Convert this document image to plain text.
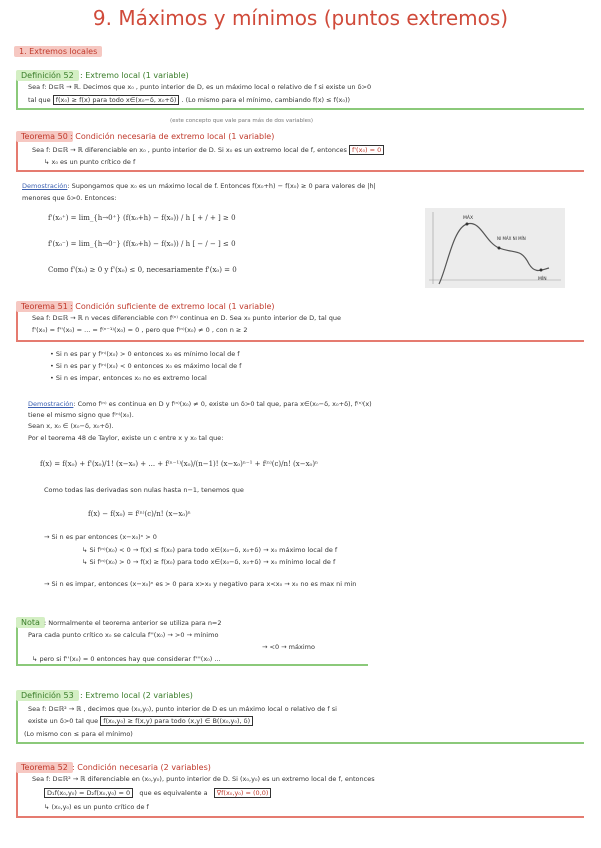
9. Máximos y mínimos (puntos extremos)
1. Extremos locales
Definición 52 : Extremo local (1 variable)
Sea f: D⊆ℝ → ℝ. Decimos que x₀ , punto interior de D, es un máximo local o relativo de f si existe un δ>0
tal que f(x₀) ≥ f(x) para todo x∈(x₀−δ, x₀+δ) . (Lo mismo para el mínimo, cambiando f(x) ≤ f(x₀))
(este concepto que vale para más de dos variables)
Teorema 50 : Condición necesaria de extremo local (1 variable)
Sea f: D⊆ℝ → ℝ diferenciable en x₀ , punto interior de D. Si x₀ es un extremo local de f, entonces f'(x₀) = 0
↳ x₀ es un punto crítico de f
Demostración: Supongamos que x₀ es un máximo local de f. Entonces f(x₀+h) − f(x₀) ≥ 0 para valores de |h|
menores que δ>0. Entonces:
f'(x₀⁺) = lim_{h→0⁺} (f(x₀+h) − f(x₀)) / h [ + / + ] ≥ 0
f'(x₀⁻) = lim_{h→0⁻} (f(x₀+h) − f(x₀)) / h [ − / − ] ≤ 0
Como f'(x₀) ≥ 0 y f'(x₀) ≤ 0, necesariamente f'(x₀) = 0
MÁX
NI MÁX NI MÍN
MÍN
Teorema 51 : Condición suficiente de extremo local (1 variable)
Sea f: D⊆ℝ → ℝ n veces diferenciable con f⁽ⁿ⁾ continua en D. Sea x₀ punto interior de D, tal que
f'(x₀) = f''(x₀) = ... = f⁽ⁿ⁻¹⁾(x₀) = 0 , pero que f⁽ⁿ⁾(x₀) ≠ 0 , con n ≥ 2
• Si n es par y f⁽ⁿ⁾(x₀) > 0 entonces x₀ es mínimo local de f
• Si n es par y f⁽ⁿ⁾(x₀) < 0 entonces x₀ es máximo local de f
• Si n es impar, entonces x₀ no es extremo local
Demostración: Como f⁽ⁿ⁾ es continua en D y f⁽ⁿ⁾(x₀) ≠ 0, existe un δ>0 tal que, para x∈(x₀−δ, x₀+δ), f⁽ⁿ⁾(x)
tiene el mismo signo que f⁽ⁿ⁾(x₀).
Sean x, x₀ ∈ (x₀−δ, x₀+δ).
Por el teorema 48 de Taylor, existe un c entre x y x₀ tal que:
f(x) = f(x₀) + f'(x₀)/1! (x−x₀) + ... + f⁽ⁿ⁻¹⁾(x₀)/(n−1)! (x−x₀)ⁿ⁻¹ + f⁽ⁿ⁾(c)/n! (x−x₀)ⁿ
Como todas las derivadas son nulas hasta n−1, tenemos que
f(x) − f(x₀) = f⁽ⁿ⁾(c)/n! (x−x₀)ⁿ
→ Si n es par entonces (x−x₀)ⁿ > 0
↳ Si f⁽ⁿ⁾(x₀) < 0 → f(x) ≤ f(x₀) para todo x∈(x₀−δ, x₀+δ) → x₀ máximo local de f
↳ Si f⁽ⁿ⁾(x₀) > 0 → f(x) ≥ f(x₀) para todo x∈(x₀−δ, x₀+δ) → x₀ mínimo local de f
→ Si n es impar, entonces (x−x₀)ⁿ es > 0 para x>x₀ y negativo para x<x₀ → x₀ no es max ni min
Nota : Normalmente el teorema anterior se utiliza para n=2
Para cada punto crítico x₀ se calcula f''(x₀) → >0 → mínimo
→ <0 → máximo
↳ pero si f''(x₀) = 0 entonces hay que considerar f'''(x₀) ...
Definición 53 : Extremo local (2 variables)
Sea f: D⊆ℝ² → ℝ , decimos que (x₀,y₀), punto interior de D es un máximo local o relativo de f si
existe un δ>0 tal que f(x₀,y₀) ≥ f(x,y) para todo (x,y) ∈ B((x₀,y₀), δ)
(Lo mismo con ≤ para el mínimo)
Teorema 52 : Condición necesaria (2 variables)
Sea f: D⊆ℝ² → ℝ diferenciable en (x₀,y₀), punto interior de D. Si (x₀,y₀) es un extremo local de f, entonces
D₁f(x₀,y₀) = D₂f(x₀,y₀) = 0 que es equivalente a ∇f(x₀,y₀) = (0,0)
↳ (x₀,y₀) es un punto crítico de f
